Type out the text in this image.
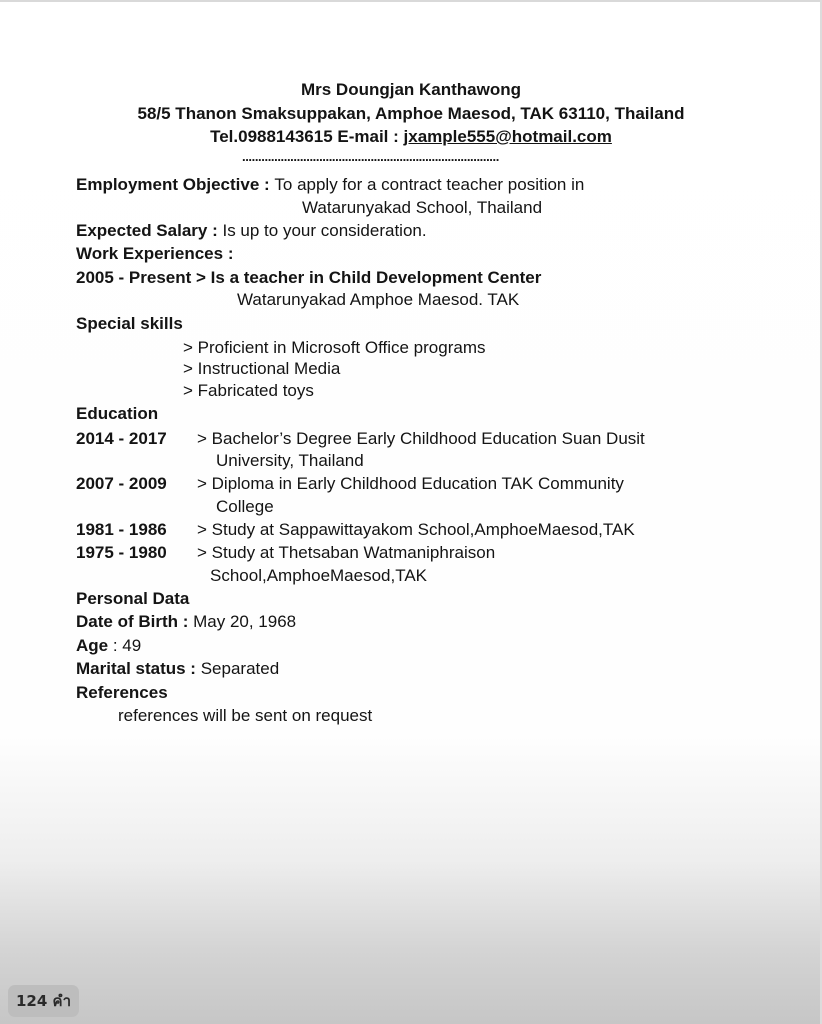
Mrs Doungjan Kanthawong
58/5 Thanon Smaksuppakan, Amphoe Maesod, TAK 63110, Thailand
Tel.0988143615 E-mail : jxample555@hotmail.com
................................................................................
Employment Objective : To apply for a contract teacher position in
Watarunyakad School, Thailand
Expected Salary : Is up to your consideration.
Work Experiences :
2005 - Present > Is a teacher in Child Development Center
Watarunyakad Amphoe Maesod. TAK
Special skills
> Proficient in Microsoft Office programs
> Instructional Media
> Fabricated toys
Education
2014 - 2017 > Bachelor’s Degree Early Childhood Education Suan Dusit
University, Thailand
2007 - 2009 > Diploma in Early Childhood Education TAK Community
College
1981 - 1986 > Study at Sappawittayakom School,AmphoeMaesod,TAK
1975 - 1980 > Study at Thetsaban Watmaniphraison
School,AmphoeMaesod,TAK
Personal Data
Date of Birth : May 20, 1968
Age : 49
Marital status : Separated
References
references will be sent on request
124 คำ
